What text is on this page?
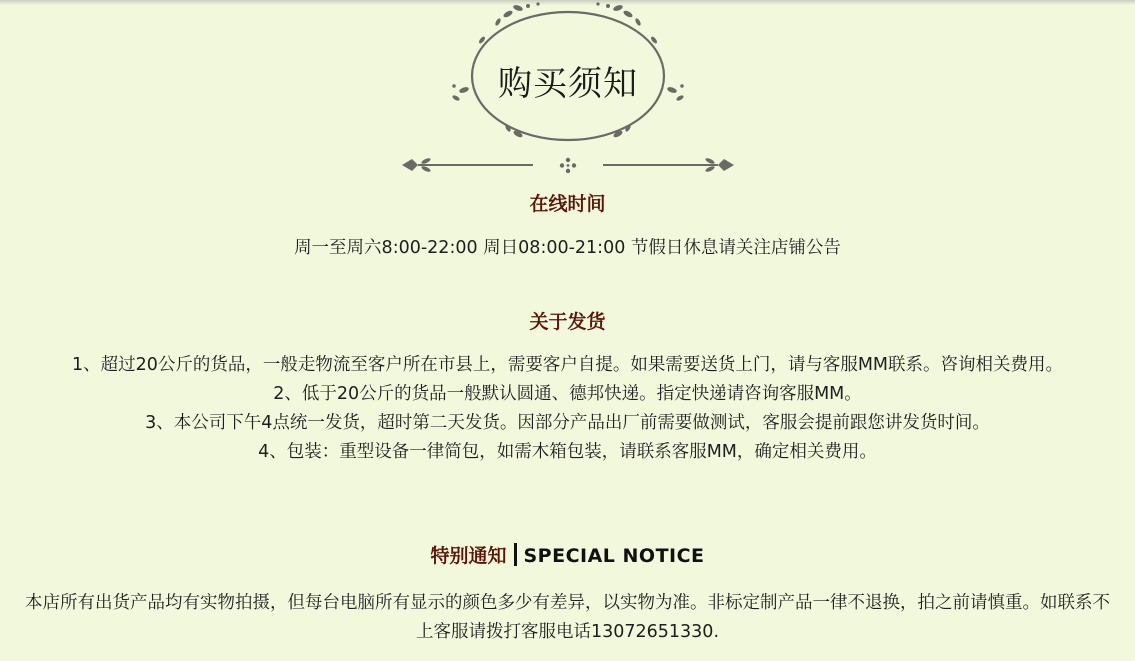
购买须知
在线时间
周一至周六8:00-22:00 周日08:00-21:00 节假日休息请关注店铺公告
关于发货
1、超过20公斤的货品，一般走物流至客户所在市县上，需要客户自提。如果需要送货上门，请与客服MM联系。咨询相关费用。
2、低于20公斤的货品一般默认圆通、德邦快递。指定快递请咨询客服MM。
3、本公司下午4点统一发货，超时第二天发货。因部分产品出厂前需要做测试，客服会提前跟您讲发货时间。
4、包装：重型设备一律简包，如需木箱包装，请联系客服MM，确定相关费用。
特别通知 SPECIAL NOTICE
本店所有出货产品均有实物拍摄，但每台电脑所有显示的颜色多少有差异，以实物为准。非标定制产品一律不退换，拍之前请慎重。如联系不上客服请拨打客服电话13072651330.
